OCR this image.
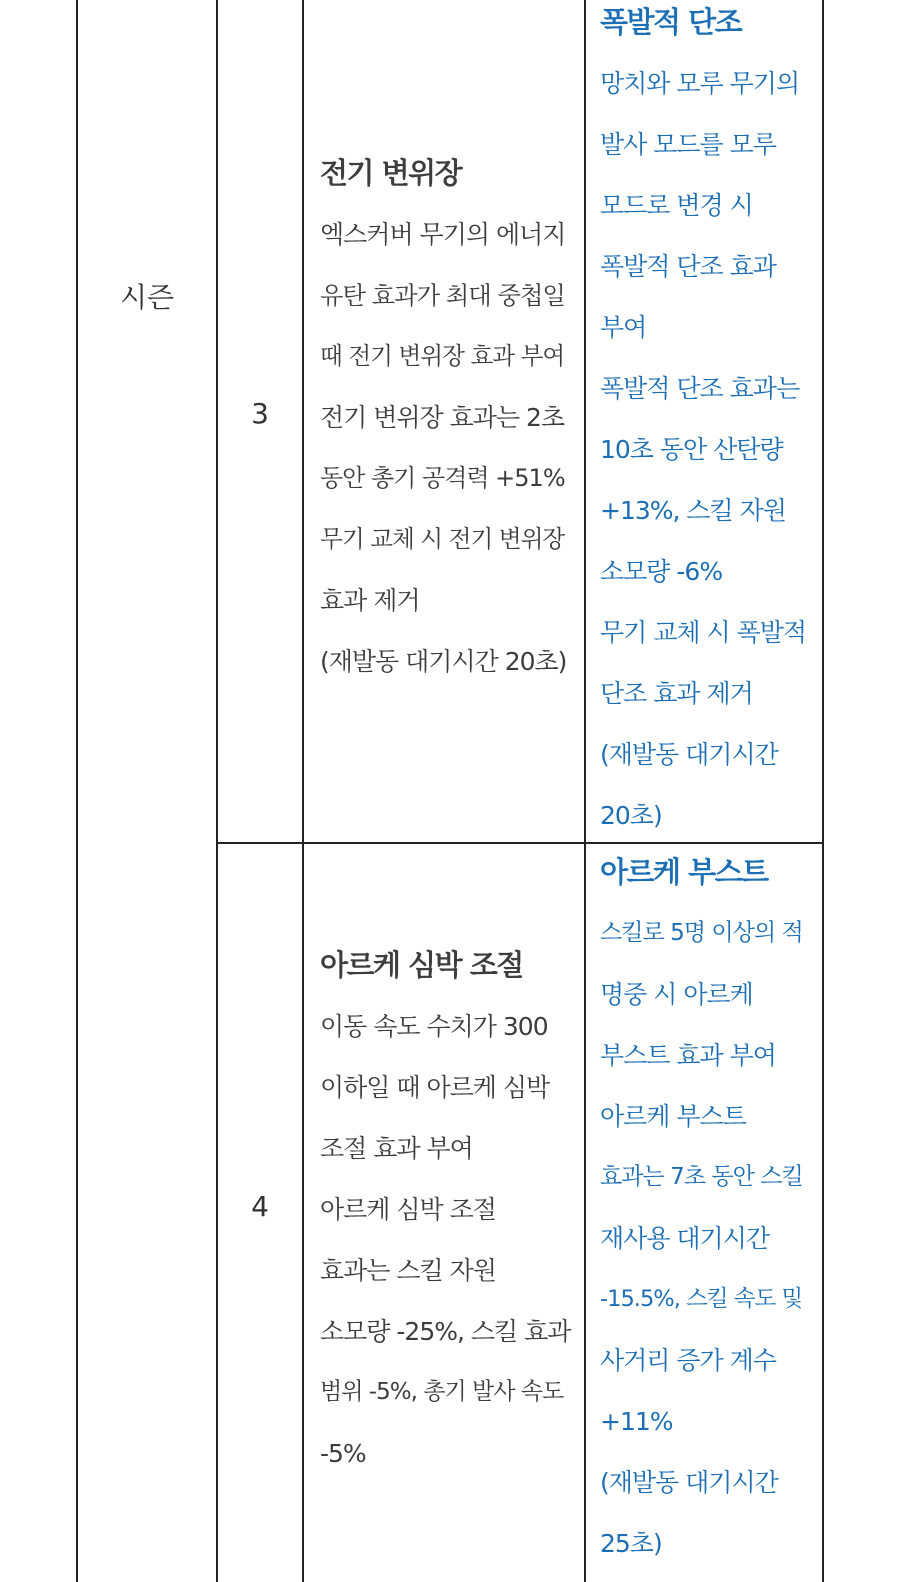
시즌
3
전기 변위장
엑스커버 무기의 에너지
유탄 효과가 최대 중첩일
때 전기 변위장 효과 부여
전기 변위장 효과는 2초
동안 총기 공격력 +51%
무기 교체 시 전기 변위장
효과 제거
(재발동 대기시간 20초)
폭발적 단조
망치와 모루 무기의
발사 모드를 모루
모드로 변경 시
폭발적 단조 효과
부여
폭발적 단조 효과는
10초 동안 산탄량
+13%, 스킬 자원
소모량 -6%
무기 교체 시 폭발적
단조 효과 제거
(재발동 대기시간
20초)
4
아르케 심박 조절
이동 속도 수치가 300
이하일 때 아르케 심박
조절 효과 부여
아르케 심박 조절
효과는 스킬 자원
소모량 -25%, 스킬 효과
범위 -5%, 총기 발사 속도
-5%
아르케 부스트
스킬로 5명 이상의 적
명중 시 아르케
부스트 효과 부여
아르케 부스트
효과는 7초 동안 스킬
재사용 대기시간
-15.5%, 스킬 속도 및
사거리 증가 계수
+11%
(재발동 대기시간
25초)
